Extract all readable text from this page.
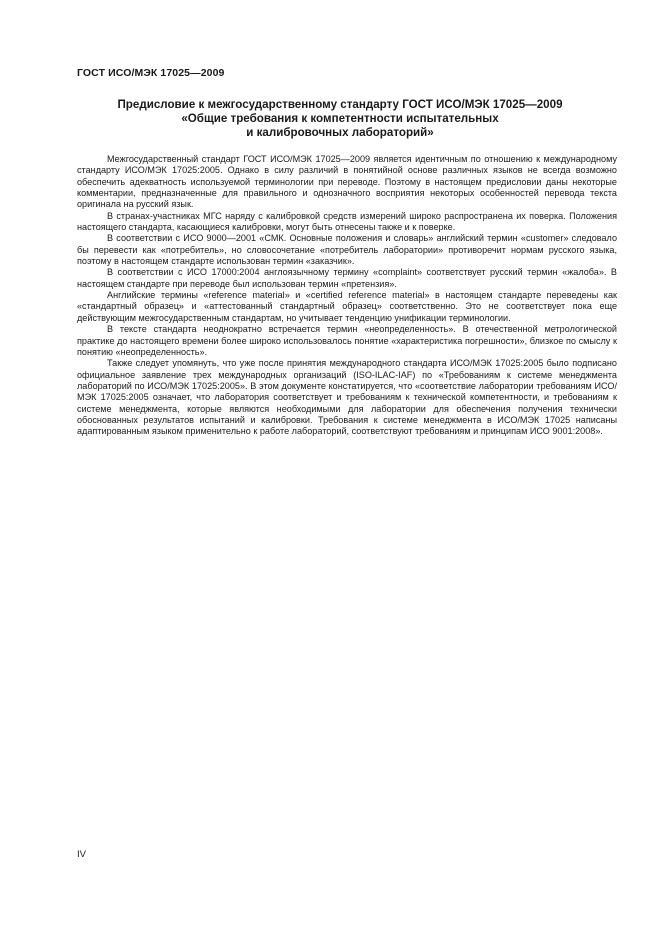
ГОСТ ИСО/МЭК 17025—2009
Предисловие к межгосударственному стандарту ГОСТ ИСО/МЭК 17025—2009
«Общие требования к компетентности испытательных
и калибровочных лабораторий»

Межгосударственный стандарт ГОСТ ИСО/МЭК 17025—2009 является идентичным по отношению к международному стандарту ИСО/МЭК 17025:2005. Однако в силу различий в понятийной основе различных языков не всегда возможно обеспечить адекватность используемой терминологии при переводе. Поэтому в настоящем предисловии даны некоторые комментарии, предназначенные для правильного и однозначного восприятия некоторых особенностей перевода текста оригинала на русский язык.

В странах-участниках МГС наряду с калибровкой средств измерений широко распространена их поверка. Положения настоящего стандарта, касающиеся калибровки, могут быть отнесены также и к поверке.

В соответствии с ИСО 9000—2001 «СМК. Основные положения и словарь» английский термин «customer» следовало бы перевести как «потребитель», но словосочетание «потребитель лаборатории» противоречит нормам русского языка, поэтому в настоящем стандарте использован термин «заказчик».

В соответствии с ИСО 17000:2004 англоязычному термину «complaint» соответствует русский термин «жалоба». В настоящем стандарте при переводе был использован термин «претензия».

Английские термины «reference material» и «certified reference material» в настоящем стандарте переведены как «стандартный образец» и «аттестованный стандартный образец» соответственно. Это не соответствует пока еще действующим межгосударственным стандартам, но учитывает тенденцию унификации терминологии.

В тексте стандарта неоднократно встречается термин «неопределенность». В отечественной метрологической практике до настоящего времени более широко использовалось понятие «характеристика погрешности», близкое по смыслу к понятию «неопределенность».

Также следует упомянуть, что уже после принятия международного стандарта ИСО/МЭК 17025:2005 было подписано официальное заявление трех международных организаций (ISO-ILAC-IAF) по «Требованиям к системе менеджмента лабораторий по ИСО/МЭК 17025:2005». В этом документе констатируется, что «соответствие лаборатории требованиям ИСО/МЭК 17025:2005 означает, что лаборатория соответствует и требованиям к технической компетентности, и требованиям к системе менеджмента, которые являются необходимыми для лаборатории для обеспечения получения технически обоснованных результатов испытаний и калибровки. Требования к системе менеджмента в ИСО/МЭК 17025 написаны адаптированным языком применительно к работе лабораторий, соответствуют требованиям и принципам ИСО 9001:2008».

IV
